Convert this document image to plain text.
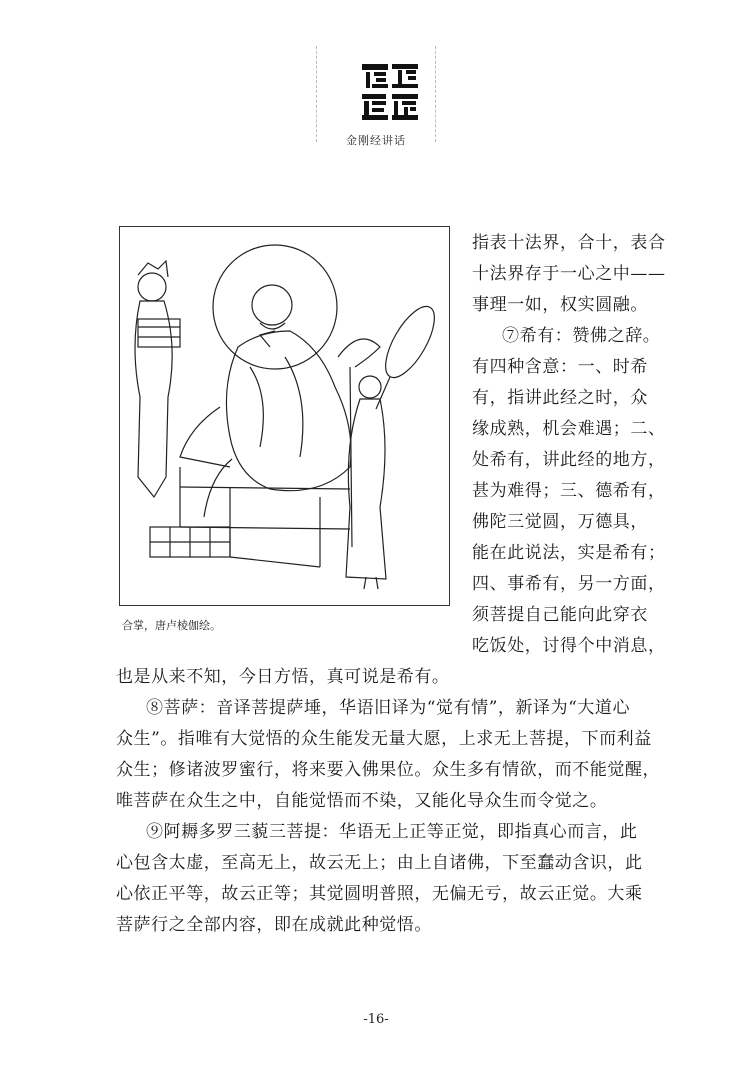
金刚经讲话
合掌，唐卢棱伽绘。
指表十法界，合十，表合
十法界存于一心之中——
事理一如，权实圆融。
⑦希有：赞佛之辞。
有四种含意：一、时希
有，指讲此经之时，众
缘成熟，机会难遇；二、
处希有，讲此经的地方，
甚为难得；三、德希有，
佛陀三觉圆，万德具，
能在此说法，实是希有；
四、事希有，另一方面，
须菩提自己能向此穿衣
吃饭处，讨得个中消息，
也是从来不知，今日方悟，真可说是希有。
⑧菩萨：音译菩提萨埵，华语旧译为“觉有情”，新译为“大道心
众生”。指唯有大觉悟的众生能发无量大愿，上求无上菩提，下而利益
众生；修诸波罗蜜行，将来要入佛果位。众生多有情欲，而不能觉醒，
唯菩萨在众生之中，自能觉悟而不染，又能化导众生而令觉之。
⑨阿耨多罗三藐三菩提：华语无上正等正觉，即指真心而言，此
心包含太虚，至高无上，故云无上；由上自诸佛，下至蠢动含识，此
心依正平等，故云正等；其觉圆明普照，无偏无亏，故云正觉。大乘
菩萨行之全部内容，即在成就此种觉悟。
-16-
